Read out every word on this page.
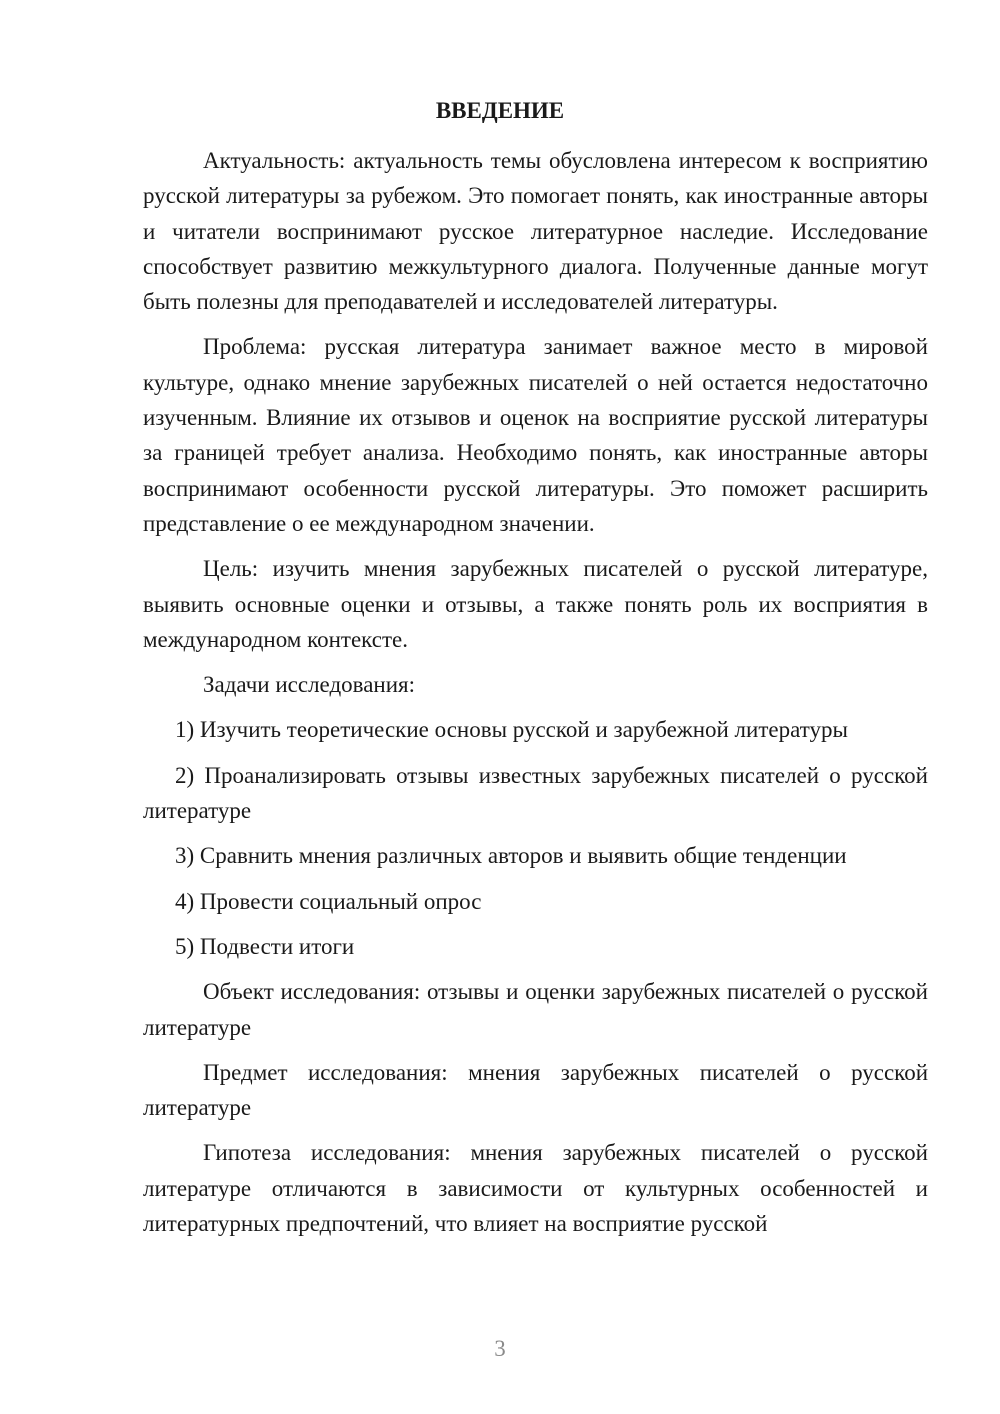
ВВЕДЕНИЕ

Актуальность: актуальность темы обусловлена интересом к восприятию русской литературы за рубежом. Это помогает понять, как иностранные авторы и читатели воспринимают русское литературное наследие. Исследование способствует развитию межкультурного диалога. Полученные данные могут быть полезны для преподавателей и исследователей литературы.

Проблема: русская литература занимает важное место в мировой культуре, однако мнение зарубежных писателей о ней остается недостаточно изученным. Влияние их отзывов и оценок на восприятие русской литературы за границей требует анализа. Необходимо понять, как иностранные авторы воспринимают особенности русской литературы. Это поможет расширить представление о ее международном значении.

Цель: изучить мнения зарубежных писателей о русской литературе, выявить основные оценки и отзывы, а также понять роль их восприятия в международном контексте.

Задачи исследования:

1) Изучить теоретические основы русской и зарубежной литературы

2) Проанализировать отзывы известных зарубежных писателей о русской литературе

3) Сравнить мнения различных авторов и выявить общие тенденции

4) Провести социальный опрос

5) Подвести итоги

Объект исследования: отзывы и оценки зарубежных писателей о русской литературе

Предмет исследования: мнения зарубежных писателей о русской литературе

Гипотеза исследования: мнения зарубежных писателей о русской литературе отличаются в зависимости от культурных особенностей и литературных предпочтений, что влияет на восприятие русской

3
